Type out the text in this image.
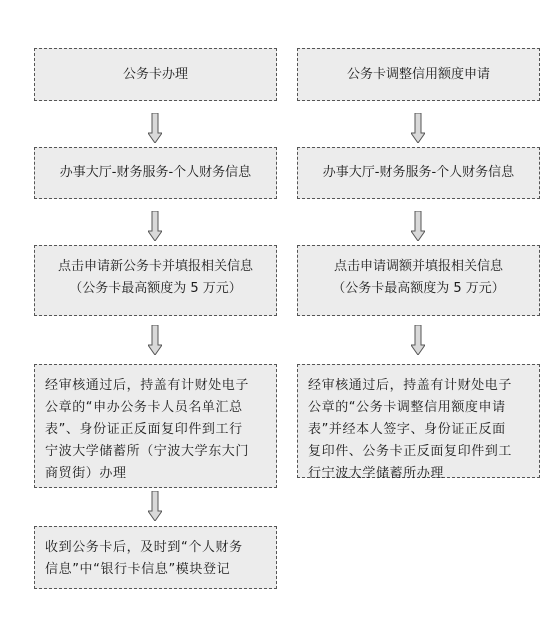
公务卡办理
办事大厅-财务服务-个人财务信息
点击申请新公务卡并填报相关信息
（公务卡最高额度为 5 万元）
经审核通过后，持盖有计财处电子
公章的“申办公务卡人员名单汇总
表”、身份证正反面复印件到工行
宁波大学储蓄所（宁波大学东大门
商贸街）办理
收到公务卡后，及时到“个人财务
信息”中“银行卡信息”模块登记
公务卡调整信用额度申请
办事大厅-财务服务-个人财务信息
点击申请调额并填报相关信息
（公务卡最高额度为 5 万元）
经审核通过后，持盖有计财处电子
公章的“公务卡调整信用额度申请
表”并经本人签字、身份证正反面
复印件、公务卡正反面复印件到工
行宁波大学储蓄所办理
